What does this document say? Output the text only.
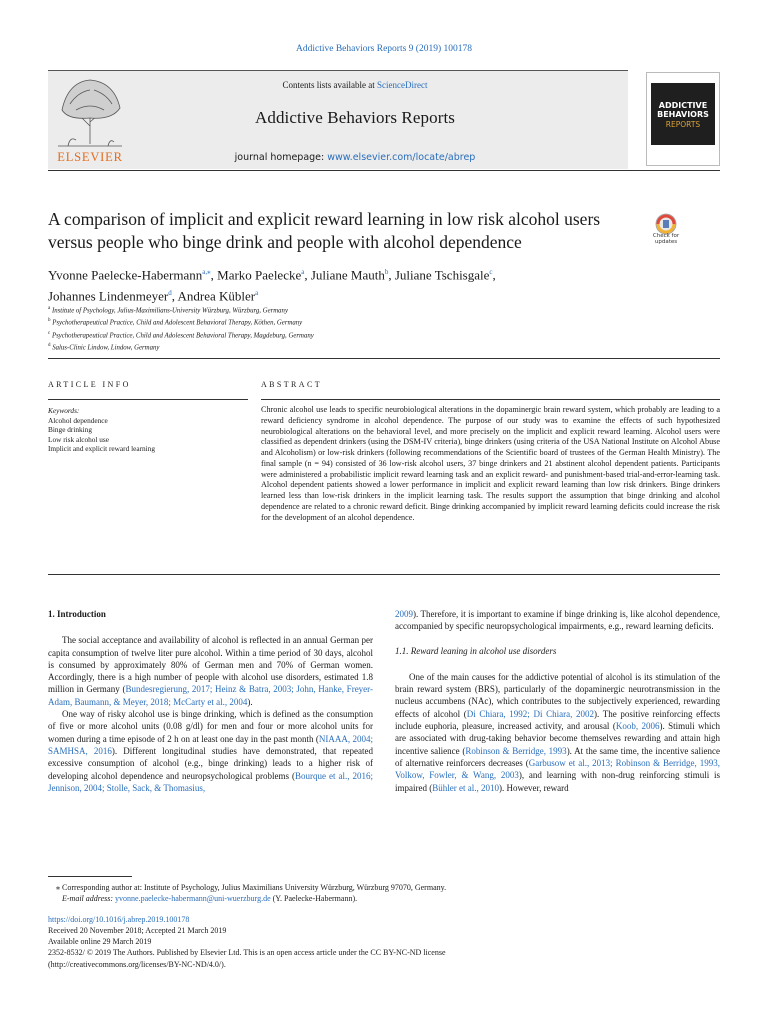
Addictive Behaviors Reports 9 (2019) 100178
ELSEVIER
Contents lists available at ScienceDirect
Addictive Behaviors Reports
journal homepage: www.elsevier.com/locate/abrep
ADDICTIVE
BEHAVIORS
REPORTS
A comparison of implicit and explicit reward learning in low risk alcohol users versus people who binge drink and people with alcohol dependence	Check for
updates
Yvonne Paelecke-Habermann$^{a,⁎}$, Marko Paelecke$^a$, Juliane Mauth$^b$, Juliane Tschisgale$^c$,
Johannes Lindenmeyer$^d$, Andrea Kübler$^a$
$^a$ Institute of Psychology, Julius-Maximilians-University Würzburg, Würzburg, Germany
$^b$ Psychotherapeutical Practice, Child and Adolescent Behavioral Therapy, Köthen, Germany
$^c$ Psychotherapeutical Practice, Child and Adolescent Behavioral Therapy, Magdeburg, Germany
$^d$ Salus-Clinic Lindow, Lindow, Germany
ARTICLE INFO	ABSTRACT
Keywords:
Alcohol dependence
Binge drinking
Low risk alcohol use
Implicit and explicit reward learning
Chronic alcohol use leads to specific neurobiological alterations in the dopaminergic brain reward system, which probably are leading to a reward deficiency syndrome in alcohol dependence. The purpose of our study was to examine the effects of such hypothesized neurobiological alterations on the behavioral level, and more precisely on the implicit and explicit reward learning. Alcohol users were classified as dependent drinkers (using the DSM-IV criteria), binge drinkers (using criteria of the USA National Institute on Alcohol Abuse and Alcoholism) or low-risk drinkers (following recommendations of the Scientific board of trustees of the German Health Ministry). The final sample (n = 94) consisted of 36 low-risk alcohol users, 37 binge drinkers and 21 abstinent alcohol dependent patients. Participants were administered a probabilistic implicit reward learning task and an explicit reward- and punishment-based trial-and-error-learning task. Alcohol dependent patients showed a lower performance in implicit and explicit reward learning than low risk drinkers. Binge drinkers learned less than low-risk drinkers in the implicit learning task. The results support the assumption that binge drinking and alcohol dependence are related to a chronic reward deficit. Binge drinking accompanied by implicit reward learning deficits could increase the risk for the development of an alcohol dependence.

1. Introduction

The social acceptance and availability of alcohol is reflected in an annual German per capita consumption of twelve liter pure alcohol. Within a time period of 30 days, alcohol is consumed by approximately 80% of German men and 70% of German women. Accordingly, there is a high number of people with alcohol use disorders, estimated 1.8 million in Germany (Bundesregierung, 2017; Heinz & Batra, 2003; John, Hanke, Freyer-Adam, Baumann, & Meyer, 2018; McCarty et al., 2004).

One way of risky alcohol use is binge drinking, which is defined as the consumption of five or more alcohol units (0.08 g/dl) for men and four or more alcohol units for women during a time episode of 2 h on at least one day in the past month (NIAAA, 2004; SAMHSA, 2016). Different longitudinal studies have demonstrated, that repeated excessive consumption of alcohol (e.g., binge drinking) leads to a higher risk of developing alcohol dependence and neuropsychological problems (Bourque et al., 2016; Jennison, 2004; Stolle, Sack, & Thomasius,

2009). Therefore, it is important to examine if binge drinking is, like alcohol dependence, accompanied by specific neuropsychological impairments, e.g., reward learning deficits.

1.1. Reward leaning in alcohol use disorders

One of the main causes for the addictive potential of alcohol is its stimulation of the brain reward system (BRS), particularly of the dopaminergic neurotransmission in the nucleus accumbens (NAc), which contributes to the subjectively experienced, rewarding effects of alcohol (Di Chiara, 1992; Di Chiara, 2002). The positive reinforcing effects include euphoria, pleasure, increased activity, and arousal (Koob, 2006). Stimuli which are associated with drug-taking behavior become themselves rewarding and attain high incentive salience (Robinson & Berridge, 1993). At the same time, the incentive salience of alternative reinforcers decreases (Garbusow et al., 2013; Robinson & Berridge, 1993, Volkow, Fowler, & Wang, 2003), and learning with non-drug reinforcing stimuli is impaired (Bühler et al., 2010). However, reward

⁎ Corresponding author at: Institute of Psychology, Julius Maximilians University Würzburg, Würzburg 97070, Germany.
E-mail address: yvonne.paelecke-habermann@uni-wuerzburg.de (Y. Paelecke-Habermann).
https://doi.org/10.1016/j.abrep.2019.100178
Received 20 November 2018; Accepted 21 March 2019
Available online 29 March 2019
2352-8532/ © 2019 The Authors. Published by Elsevier Ltd. This is an open access article under the CC BY-NC-ND license
(http://creativecommons.org/licenses/BY-NC-ND/4.0/).
